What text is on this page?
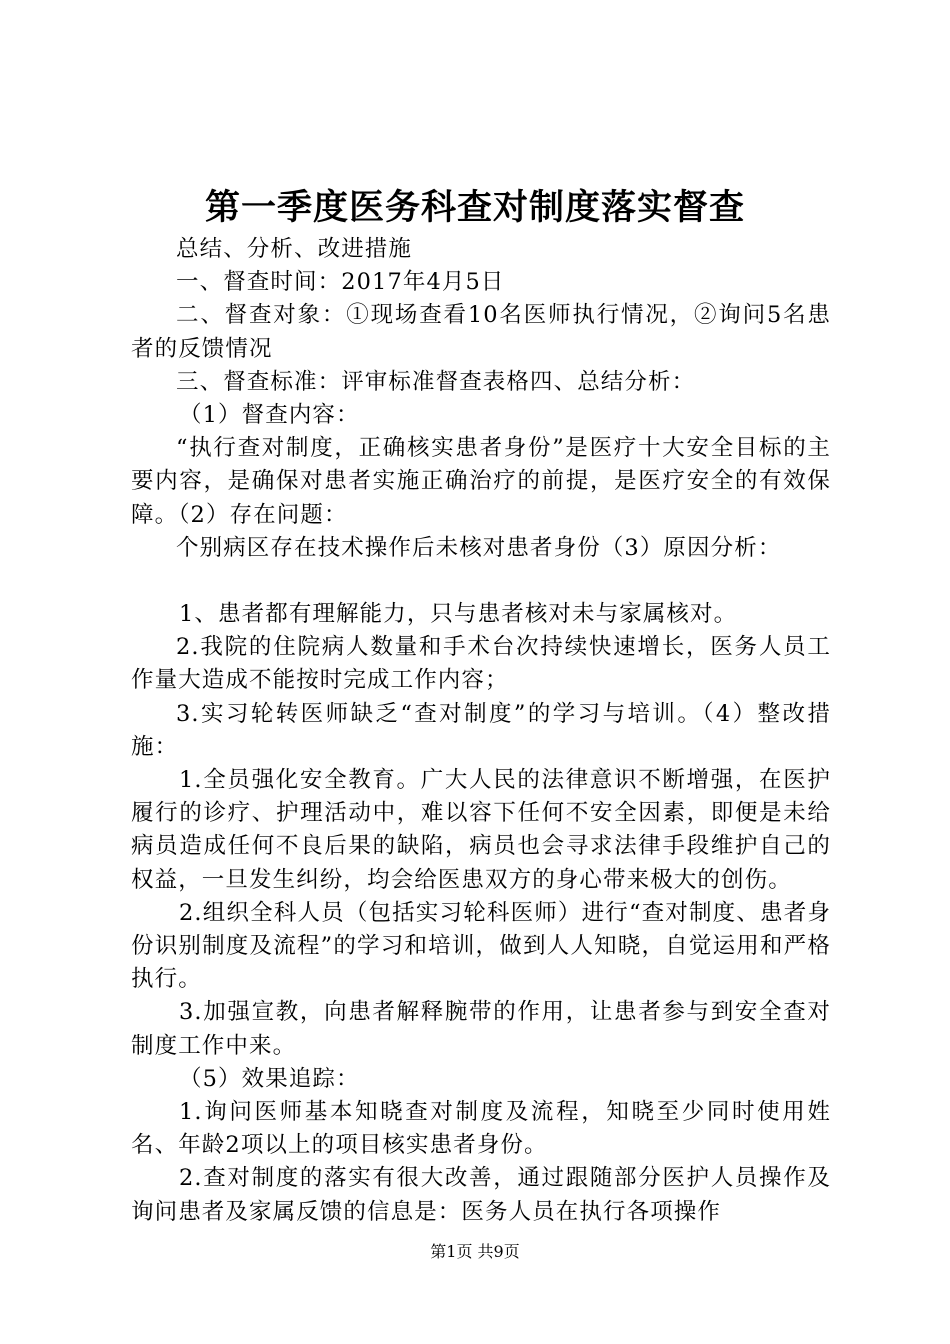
第一季度医务科查对制度落实督查

总结、分析、改进措施

一、督查时间：2017年4月5日

二、督查对象：①现场查看10名医师执行情况，②询问5名患者的反馈情况

三、督查标准：评审标准督查表格四、总结分析：

（1）督查内容：

“执行查对制度，正确核实患者身份”是医疗十大安全目标的主要内容，是确保对患者实施正确治疗的前提，是医疗安全的有效保障。（2）存在问题：

个别病区存在技术操作后未核对患者身份（3）原因分析：

1、患者都有理解能力，只与患者核对未与家属核对。

2.我院的住院病人数量和手术台次持续快速增长，医务人员工作量大造成不能按时完成工作内容；

3.实习轮转医师缺乏“查对制度”的学习与培训。（4）整改措施：

1.全员强化安全教育。广大人民的法律意识不断增强，在医护履行的诊疗、护理活动中，难以容下任何不安全因素，即便是未给病员造成任何不良后果的缺陷，病员也会寻求法律手段维护自己的权益，一旦发生纠纷，均会给医患双方的身心带来极大的创伤。

2.组织全科人员（包括实习轮科医师）进行“查对制度、患者身份识别制度及流程”的学习和培训，做到人人知晓，自觉运用和严格执行。

3.加强宣教，向患者解释腕带的作用，让患者参与到安全查对制度工作中来。

（5）效果追踪：

1.询问医师基本知晓查对制度及流程，知晓至少同时使用姓名、年龄2项以上的项目核实患者身份。

2.查对制度的落实有很大改善，通过跟随部分医护人员操作及询问患者及家属反馈的信息是：医务人员在执行各项操作

第1页 共9页
